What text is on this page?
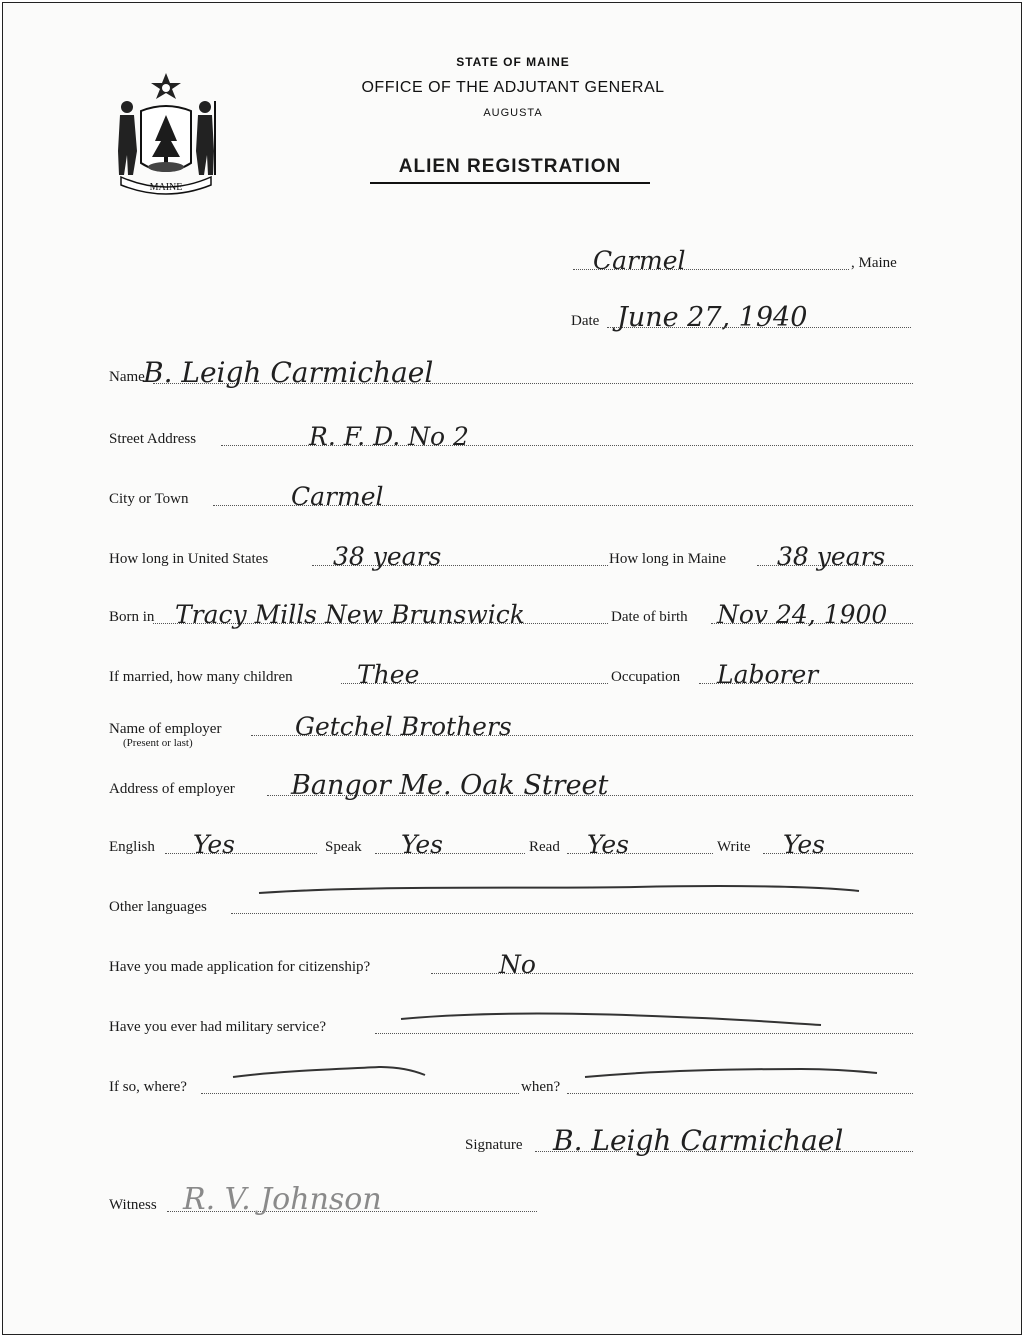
MAINE
STATE OF MAINE
OFFICE OF THE ADJUTANT GENERAL
AUGUSTA
ALIEN REGISTRATION
Carmel	, Maine
Date June 27, 1940
Name
B. Leigh Carmichael
Street Address	R. F. D. No 2
City or Town	Carmel
How long in United States	38 years	How long in Maine 38 years
Born in Tracy Mills New Brunswick	Date of birth Nov 24, 1900
If married, how many children	Thee	Occupation Laborer
Name of employer	Getchel Brothers
(Present or last)
Address of employer Bangor Me. Oak Street
English Yes	Speak Yes	Read Yes	Write Yes
Other languages
Have you made application for citizenship?	No
Have you ever had military service?
If so, where?	when?
Signature B. Leigh Carmichael
Witness R. V. Johnson
